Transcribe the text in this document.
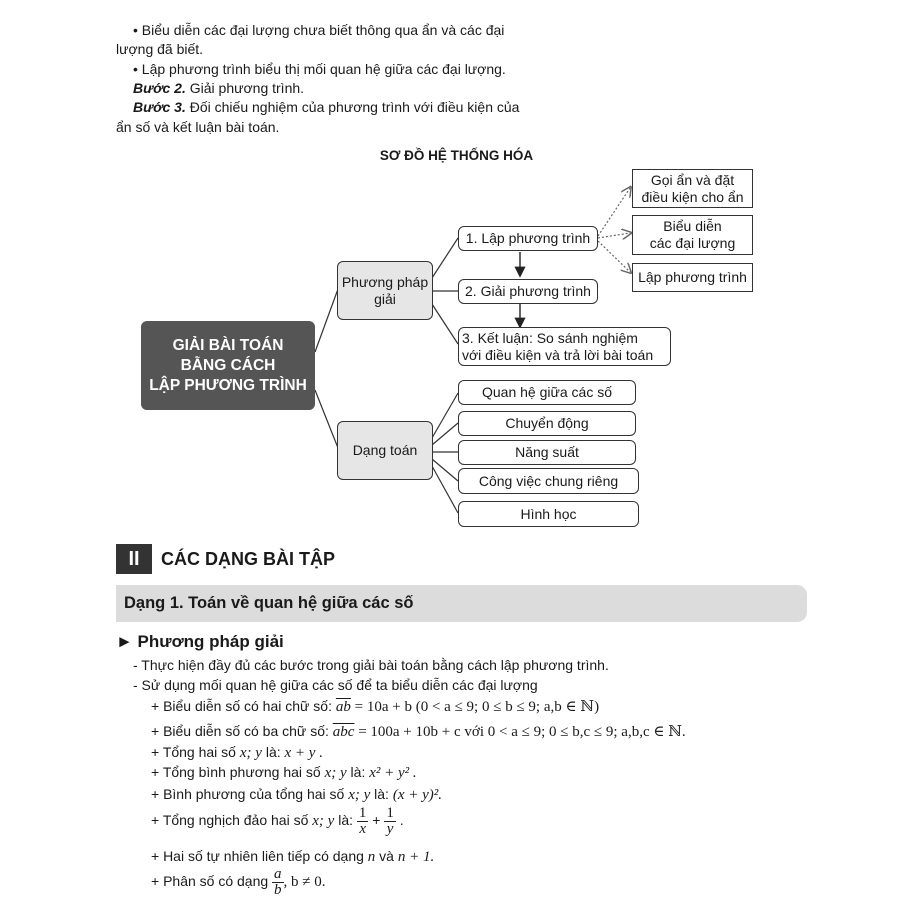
• Biểu diễn các đại lượng chưa biết thông qua ẩn và các đại
lượng đã biết.
• Lập phương trình biểu thị mối quan hệ giữa các đại lượng.
Bước 2. Giải phương trình.
Bước 3. Đối chiếu nghiệm của phương trình với điều kiện của
ẩn số và kết luận bài toán.
SƠ ĐỒ HỆ THỐNG HÓA
GIẢI BÀI TOÁN
BẰNG CÁCH
LẬP PHƯƠNG TRÌNH
Phương pháp
giải
Dạng toán
1. Lập phương trình
2. Giải phương trình
3. Kết luận: So sánh nghiệm
với điều kiện và trả lời bài toán
Gọi ẩn và đặt
điều kiện cho ẩn
Biểu diễn
các đại lượng
Lập phương trình
Quan hệ giữa các số
Chuyển động
Năng suất
Công việc chung riêng
Hình học
II	CÁC DẠNG BÀI TẬP
Dạng 1. Toán về quan hệ giữa các số
► Phương pháp giải
- Thực hiện đầy đủ các bước trong giải bài toán bằng cách lập phương trình.
- Sử dụng mối quan hệ giữa các số để ta biểu diễn các đại lượng
+ Biểu diễn số có hai chữ số: $\overline{ab} = 10a + b$ (0 < a ≤ 9; 0 ≤ b ≤ 9; a,b ∈ ℕ)
+ Biểu diễn số có ba chữ số: $\overline{abc} = 100a + 10b + c$ với 0 < a ≤ 9; 0 ≤ b,c ≤ 9; a,b,c ∈ ℕ.
+ Tổng hai số x; y là: x + y .
+ Tổng bình phương hai số x; y là: x² + y² .
+ Bình phương của tổng hai số x; y là: (x + y)².
+ Tổng nghịch đảo hai số x; y là: $\frac{1}{x} + \frac{1}{y}$ .
+ Hai số tự nhiên liên tiếp có dạng n và n + 1.
+ Phân số có dạng $\frac{a}{b}$ , b ≠ 0.
